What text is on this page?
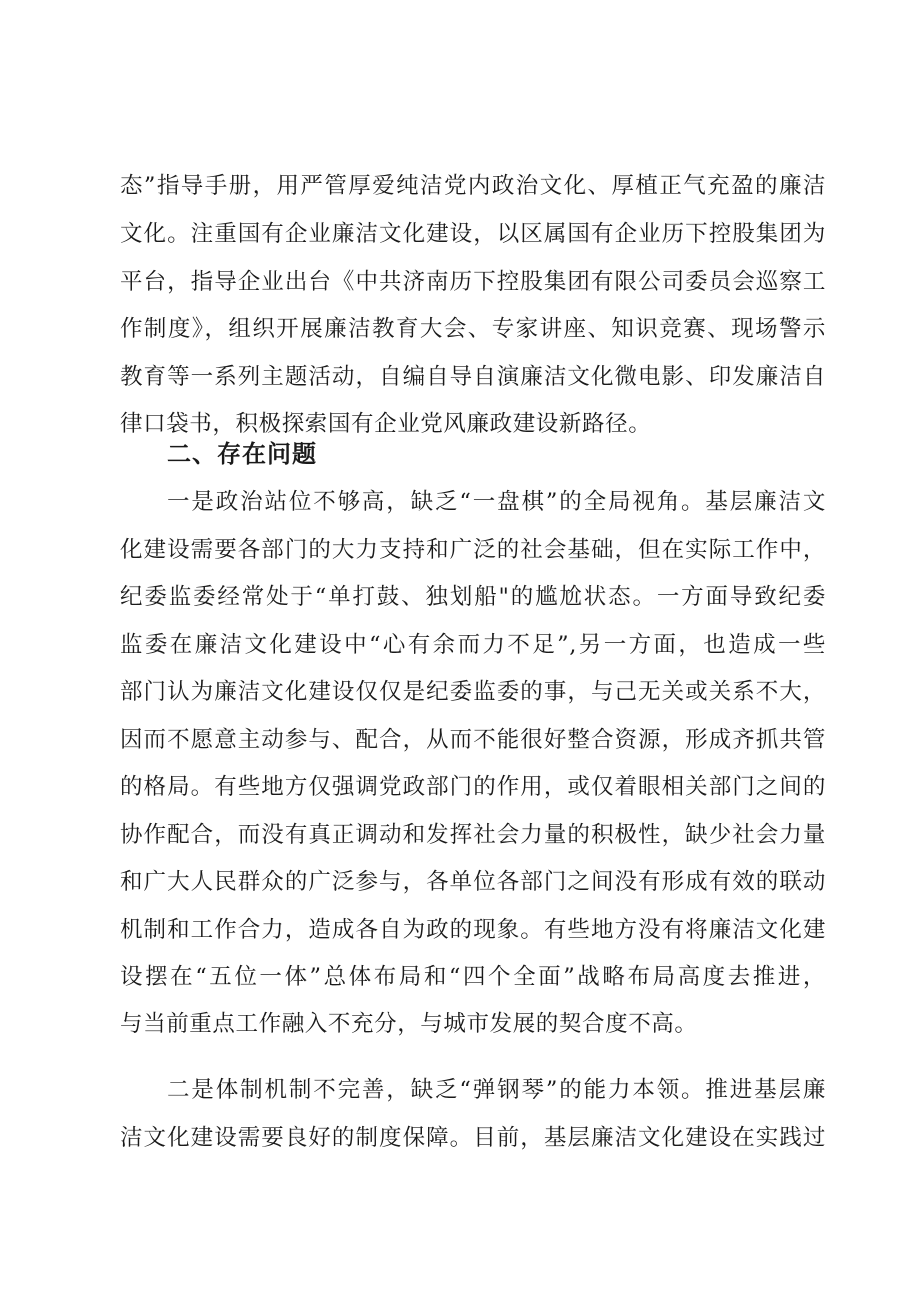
态”指导手册，用严管厚爱纯洁党内政治文化、厚植正气充盈的廉洁
文化。注重国有企业廉洁文化建设，以区属国有企业历下控股集团为
平台，指导企业出台《中共济南历下控股集团有限公司委员会巡察工
作制度》，组织开展廉洁教育大会、专家讲座、知识竞赛、现场警示
教育等一系列主题活动，自编自导自演廉洁文化微电影、印发廉洁自
律口袋书，积极探索国有企业党风廉政建设新路径。
二、存在问题
一是政治站位不够高，缺乏“一盘棋”的全局视角。基层廉洁文
化建设需要各部门的大力支持和广泛的社会基础，但在实际工作中，
纪委监委经常处于“单打鼓、独划船"的尴尬状态。一方面导致纪委
监委在廉洁文化建设中“心有余而力不足”,另一方面，也造成一些
部门认为廉洁文化建设仅仅是纪委监委的事，与己无关或关系不大，
因而不愿意主动参与、配合，从而不能很好整合资源，形成齐抓共管
的格局。有些地方仅强调党政部门的作用，或仅着眼相关部门之间的
协作配合，而没有真正调动和发挥社会力量的积极性，缺少社会力量
和广大人民群众的广泛参与，各单位各部门之间没有形成有效的联动
机制和工作合力，造成各自为政的现象。有些地方没有将廉洁文化建
设摆在“五位一体”总体布局和“四个全面”战略布局高度去推进，
与当前重点工作融入不充分，与城市发展的契合度不高。
二是体制机制不完善，缺乏“弹钢琴”的能力本领。推进基层廉
洁文化建设需要良好的制度保障。目前，基层廉洁文化建设在实践过
